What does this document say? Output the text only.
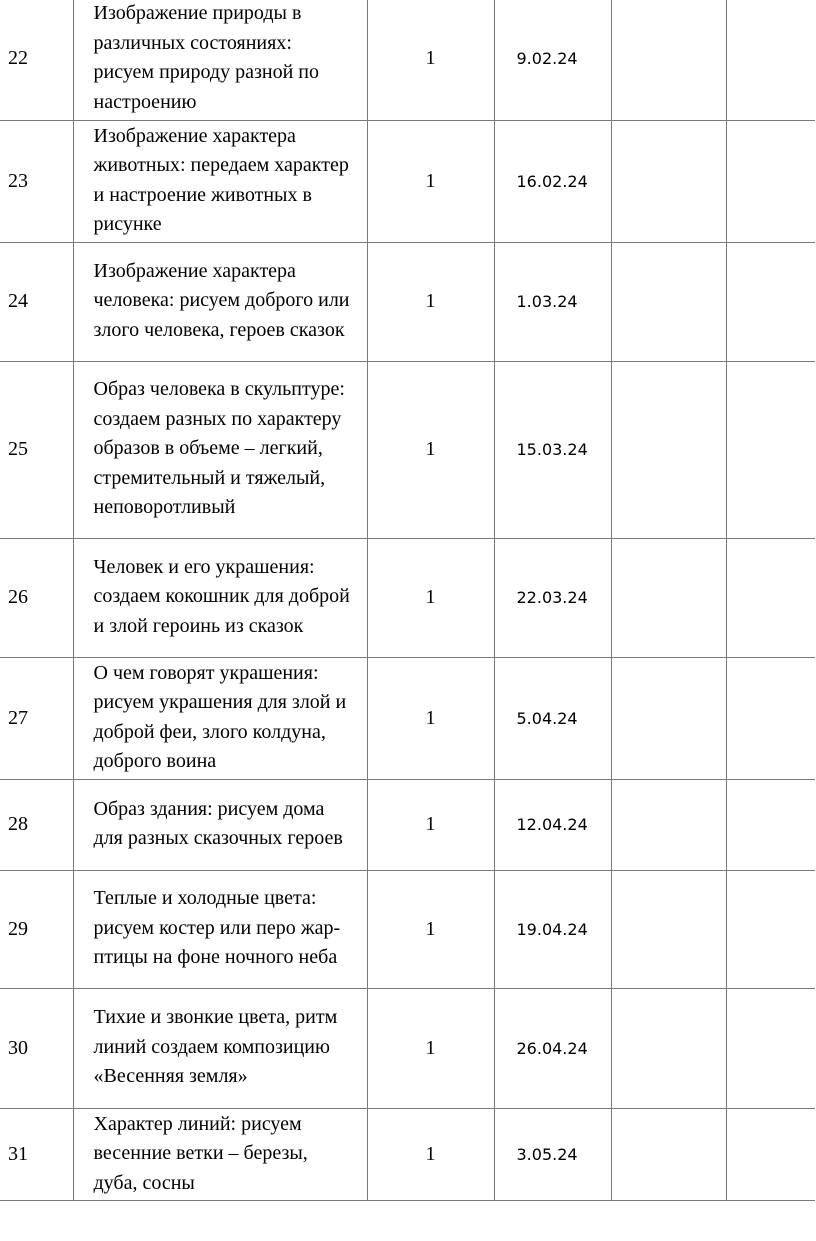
22	Изображение природы в различных состояниях: рисуем природу разной по настроению	1	9.02.24		
23	Изображение характера животных: передаем характер и настроение животных в рисунке	1	16.02.24		
24	Изображение характера человека: рисуем доброго или злого человека, героев сказок	1	1.03.24		
25	Образ человека в скульптуре: создаем разных по характеру образов в объеме – легкий, стремительный и тяжелый, неповоротливый	1	15.03.24		
26	Человек и его украшения: создаем кокошник для доброй и злой героинь из сказок	1	22.03.24		
27	О чем говорят украшения: рисуем украшения для злой и доброй феи, злого колдуна, доброго воина	1	5.04.24		
28	Образ здания: рисуем дома для разных сказочных героев	1	12.04.24		
29	Теплые и холодные цвета: рисуем костер или перо жар-птицы на фоне ночного неба	1	19.04.24		
30	Тихие и звонкие цвета, ритм линий создаем композицию «Весенняя земля»	1	26.04.24		
31	Характер линий: рисуем весенние ветки – березы, дуба, сосны	1	3.05.24		
